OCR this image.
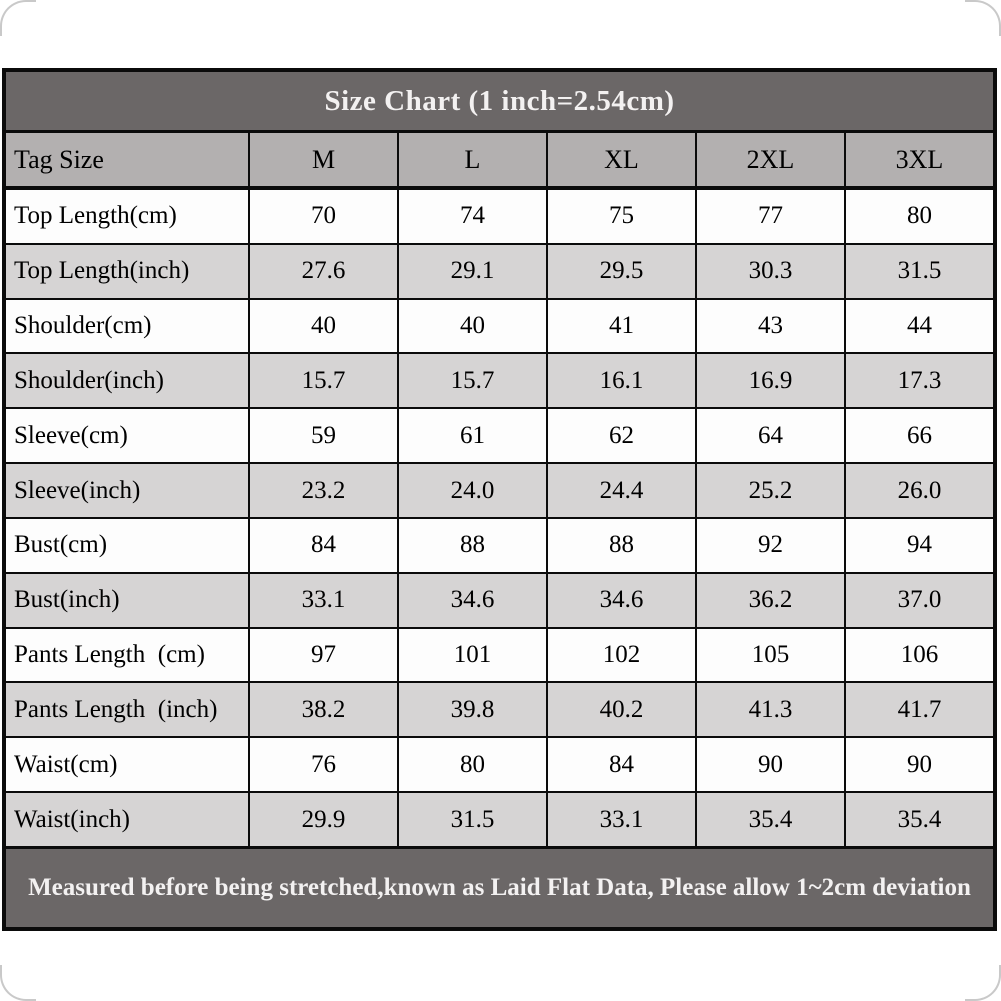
Size Chart (1 inch=2.54cm)
Tag Size	M	L	XL	2XL	3XL
Top Length(cm)	70	74	75	77	80
Top Length(inch)	27.6	29.1	29.5	30.3	31.5
Shoulder(cm)	40	40	41	43	44
Shoulder(inch)	15.7	15.7	16.1	16.9	17.3
Sleeve(cm)	59	61	62	64	66
Sleeve(inch)	23.2	24.0	24.4	25.2	26.0
Bust(cm)	84	88	88	92	94
Bust(inch)	33.1	34.6	34.6	36.2	37.0
Pants Length  (cm)	97	101	102	105	106
Pants Length  (inch)	38.2	39.8	40.2	41.3	41.7
Waist(cm)	76	80	84	90	90
Waist(inch)	29.9	31.5	33.1	35.4	35.4
Measured before being stretched,known as Laid Flat Data, Please allow 1~2cm deviation
